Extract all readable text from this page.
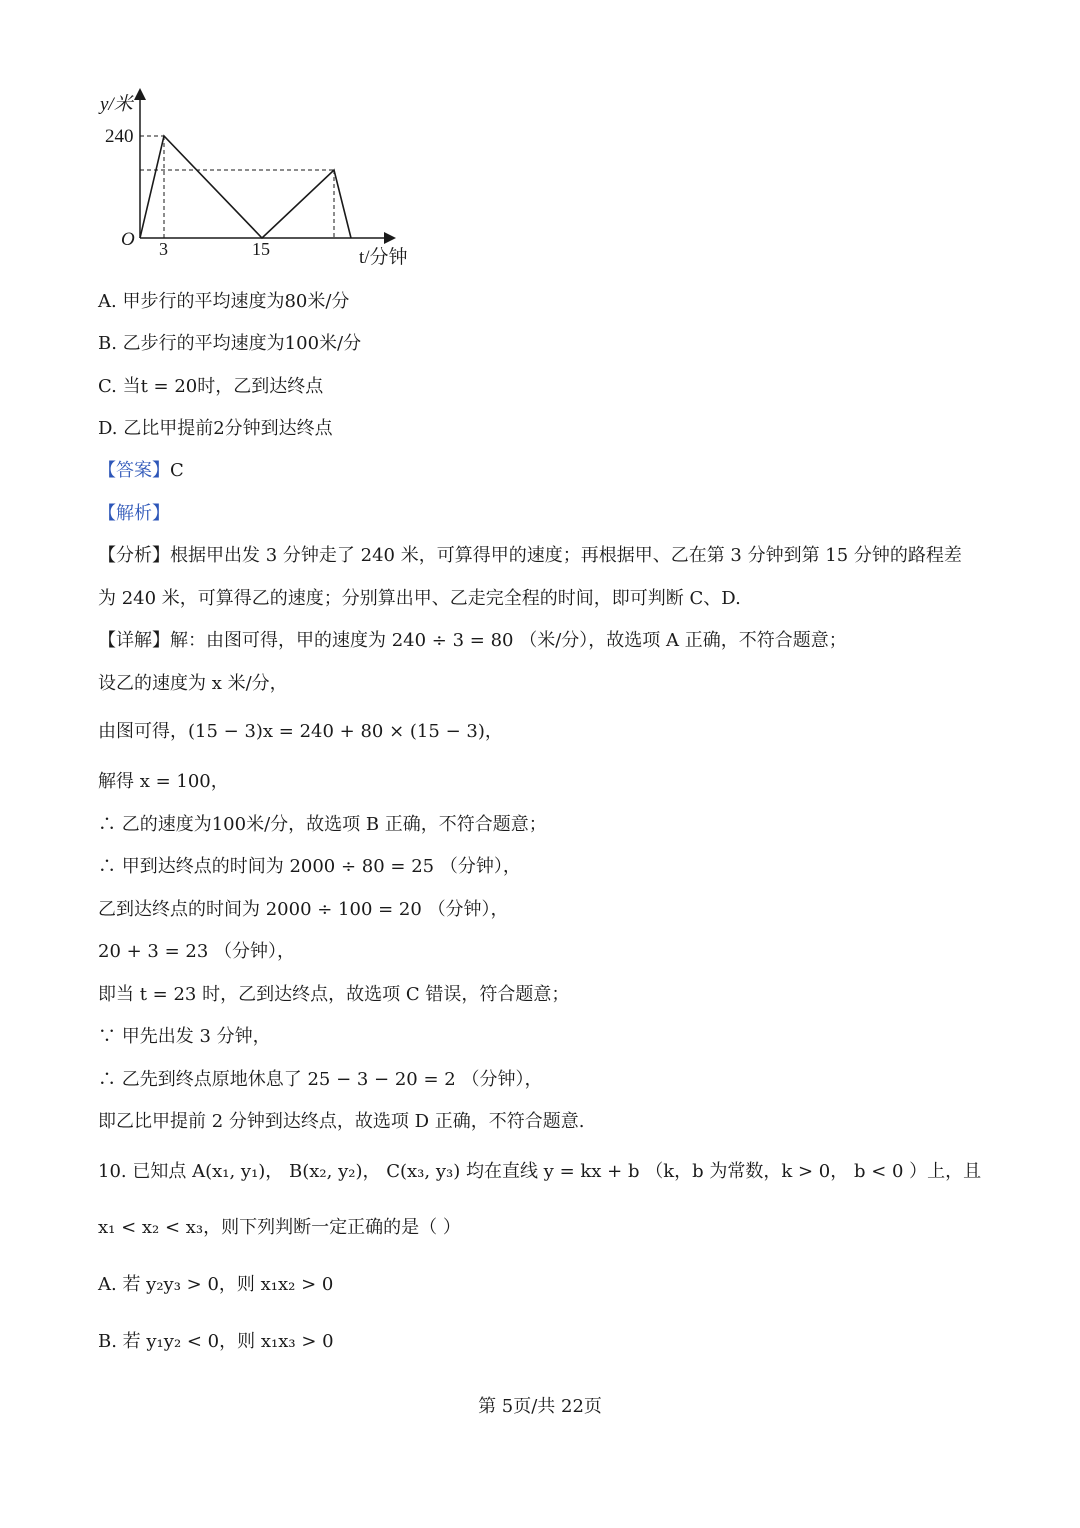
y/米
240
O 3	15	t/分钟
A. 甲步行的平均速度为80米/分
B. 乙步行的平均速度为100米/分
C. 当t = 20时，乙到达终点
D. 乙比甲提前2分钟到达终点
【答案】C
【解析】
【分析】根据甲出发 3 分钟走了 240 米，可算得甲的速度；再根据甲、乙在第 3 分钟到第 15 分钟的路程差
为 240 米，可算得乙的速度；分别算出甲、乙走完全程的时间，即可判断 C、D.
【详解】解：由图可得，甲的速度为 240 ÷ 3 = 80 （米/分），故选项 A 正确，不符合题意；
设乙的速度为 x 米/分，
由图可得，(15 − 3)x = 240 + 80 × (15 − 3)，
解得 x = 100，
∴ 乙的速度为100米/分，故选项 B 正确，不符合题意；
∴ 甲到达终点的时间为 2000 ÷ 80 = 25 （分钟），
乙到达终点的时间为 2000 ÷ 100 = 20 （分钟），
20 + 3 = 23 （分钟），
即当 t = 23 时，乙到达终点，故选项 C 错误，符合题意；
∵ 甲先出发 3 分钟，
∴ 乙先到终点原地休息了 25 − 3 − 20 = 2 （分钟），
即乙比甲提前 2 分钟到达终点，故选项 D 正确，不符合题意.
10. 已知点 A(x₁, y₁)， B(x₂, y₂)， C(x₃, y₃) 均在直线 y = kx + b （k，b 为常数，k > 0， b < 0 ）上，且
x₁ < x₂ < x₃，则下列判断一定正确的是（ ）
A. 若 y₂y₃ > 0，则 x₁x₂ > 0
B. 若 y₁y₂ < 0，则 x₁x₃ > 0
第 5页/共 22页
